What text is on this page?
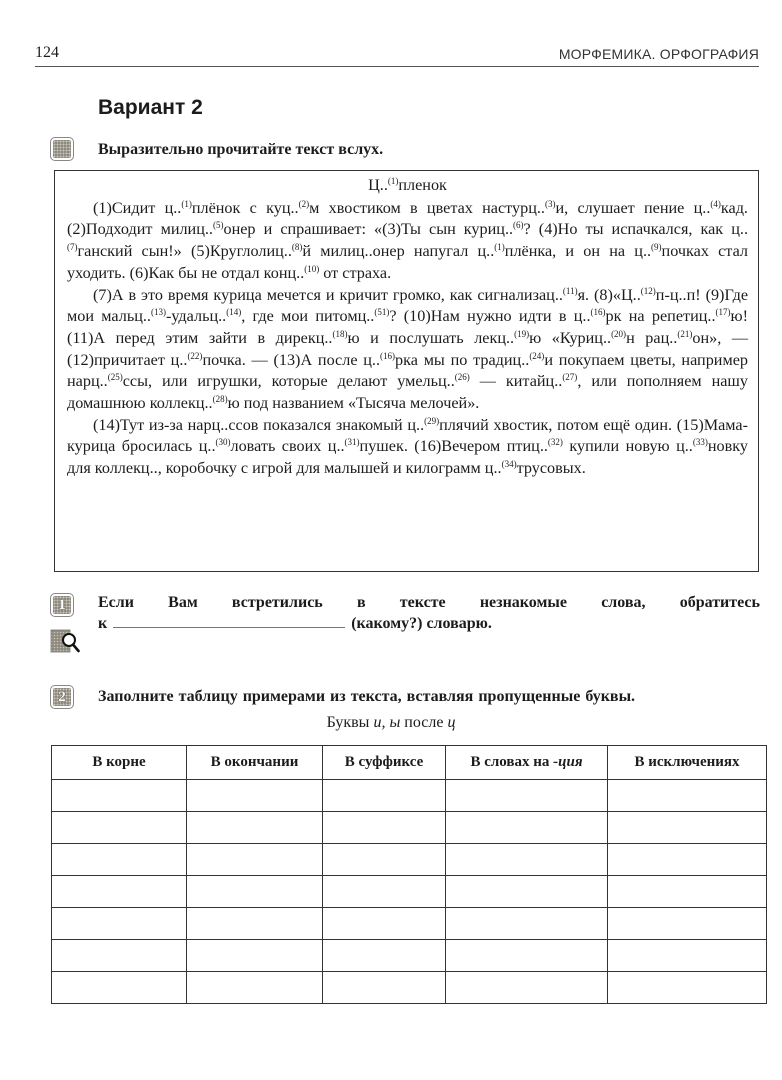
124	МОРФЕМИКА. ОРФОГРАФИЯ
Вариант 2
Выразительно прочитайте текст вслух.
Ц..$^{(1)}$пленок

(1)Сидит ц..$^{(1)}$плёнок с куц..$^{(2)}$м хвостиком в цветах настурц..$^{(3)}$и, слушает пение ц..$^{(4)}$кад. (2)Подходит милиц..$^{(5)}$онер и спрашивает: «(3)Ты сын куриц..$^{(6)}$? (4)Но ты испачкался, как ц..$^{(7)}$ганский сын!» (5)Круглолиц..$^{(8)}$й милиц..онер напугал ц..$^{(1)}$плёнка, и он на ц..$^{(9)}$почках стал уходить. (6)Как бы не отдал конц..$^{(10)}$ от страха.

(7)А в это время курица мечется и кричит громко, как сигнализац..$^{(11)}$я. (8)«Ц..$^{(12)}$п-ц..п! (9)Где мои мальц..$^{(13)}$-удальц..$^{(14)}$, где мои питомц..$^{(51)}$? (10)Нам нужно идти в ц..$^{(16)}$рк на репетиц..$^{(17)}$ю! (11)А перед этим зайти в дирекц..$^{(18)}$ю и послушать лекц..$^{(19)}$ю «Куриц..$^{(20)}$н рац..$^{(21)}$он», — (12)причитает ц..$^{(22)}$почка. — (13)А после ц..$^{(16)}$рка мы по традиц..$^{(24)}$и покупаем цветы, например нарц..$^{(25)}$ссы, или игрушки, которые делают умельц..$^{(26)}$ — китайц..$^{(27)}$, или пополняем нашу домашнюю коллекц..$^{(28)}$ю под названием «Тысяча мелочей».

(14)Тут из-за нарц..ссов показался знакомый ц..$^{(29)}$плячий хвостик, потом ещё один. (15)Мама-курица бросилась ц..$^{(30)}$ловать своих ц..$^{(31)}$пушек. (16)Вечером птиц..$^{(32)}$ купили новую ц..$^{(33)}$новку для коллекц.., коробочку с игрой для малышей и килограмм ц..$^{(34)}$трусовых.

1	Если Вам встретились в тексте незнакомые слова, обратитесь
к	(какому?) словарю.
2	Заполните таблицу примерами из текста, вставляя пропущенные буквы.
Буквы и, ы после ц
В корне	В окончании	В суффиксе	В словах на -ция	В исключениях
